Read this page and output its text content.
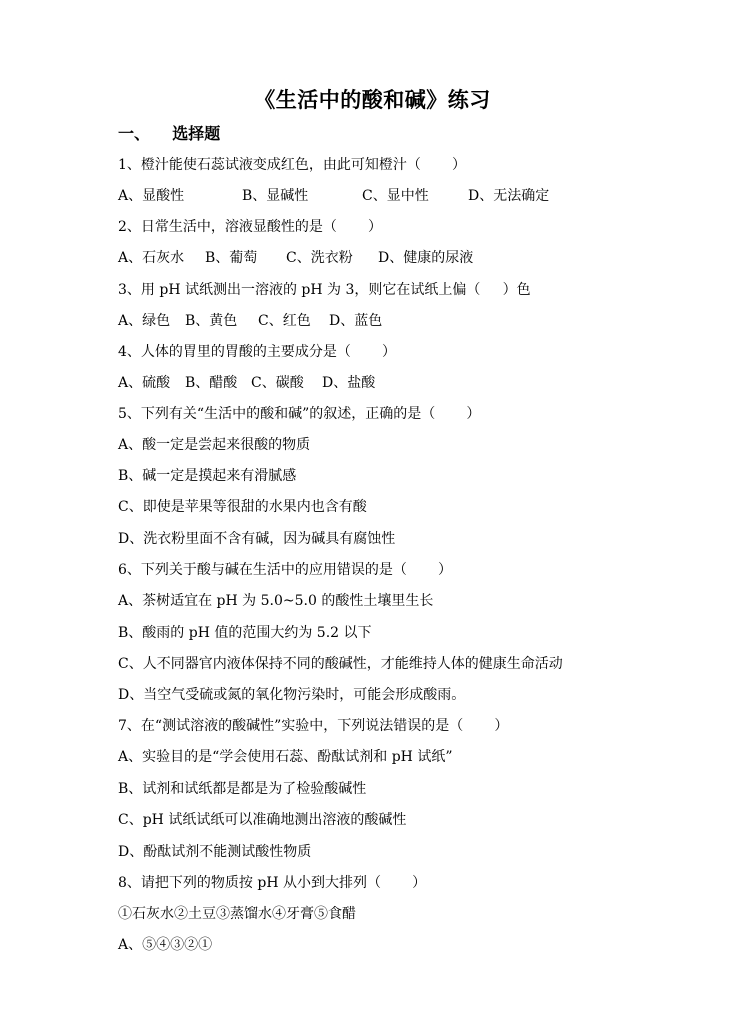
《生活中的酸和碱》练习
一、    选择题
1、橙汁能使石蕊试液变成红色，由此可知橙汁（       ）
A、显酸性	B、显碱性	C、显中性	D、无法确定
2、日常生活中，溶液显酸性的是（       ）
A、石灰水 B、葡萄 C、洗衣粉 D、健康的尿液
3、用 pH 试纸测出一溶液的 pH 为 3，则它在试纸上偏（     ）色
A、绿色 B、黄色 C、红色 D、蓝色
4、人体的胃里的胃酸的主要成分是（       ）
A、硫酸 B、醋酸 C、碳酸 D、盐酸
5、下列有关“生活中的酸和碱”的叙述，正确的是（       ）
A、酸一定是尝起来很酸的物质
B、碱一定是摸起来有滑腻感
C、即使是苹果等很甜的水果内也含有酸
D、洗衣粉里面不含有碱，因为碱具有腐蚀性
6、下列关于酸与碱在生活中的应用错误的是（       ）
A、茶树适宜在 pH 为 5.0~5.0 的酸性土壤里生长
B、酸雨的 pH 值的范围大约为 5.2 以下
C、人不同器官内液体保持不同的酸碱性，才能维持人体的健康生命活动
D、当空气受硫或氮的氧化物污染时，可能会形成酸雨。
7、在“测试溶液的酸碱性”实验中，下列说法错误的是（       ）
A、实验目的是“学会使用石蕊、酚酞试剂和 pH 试纸”
B、试剂和试纸都是都是为了检验酸碱性
C、pH 试纸试纸可以准确地测出溶液的酸碱性
D、酚酞试剂不能测试酸性物质
8、请把下列的物质按 pH 从小到大排列（       ）
①石灰水②土豆③蒸馏水④牙膏⑤食醋
A、⑤④③②①
